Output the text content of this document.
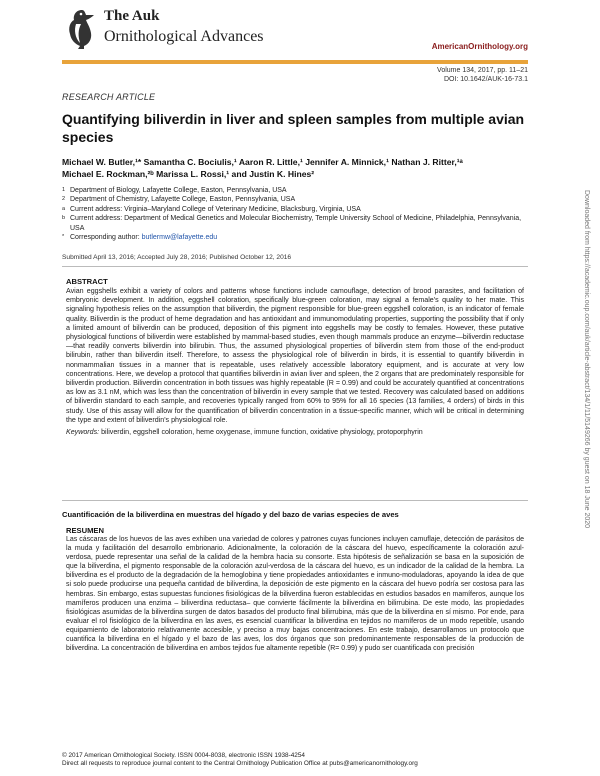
The Auk
Ornithological Advances
AmericanOrnithology.org
Volume 134, 2017, pp. 11–21
DOI: 10.1642/AUK-16-73.1
RESEARCH ARTICLE
Quantifying biliverdin in liver and spleen samples from multiple avian species
Michael W. Butler,¹* Samantha C. Bociulis,¹ Aaron R. Little,¹ Jennifer A. Minnick,¹ Nathan J. Ritter,¹ᵃ
Michael E. Rockman,²ᵇ Marissa L. Rossi,¹ and Justin K. Hines²
1 Department of Biology, Lafayette College, Easton, Pennsylvania, USA
2 Department of Chemistry, Lafayette College, Easton, Pennsylvania, USA
a Current address: Virginia–Maryland College of Veterinary Medicine, Blacksburg, Virginia, USA
b Current address: Department of Medical Genetics and Molecular Biochemistry, Temple University School of Medicine, Philadelphia, Pennsylvania, USA
* Corresponding author:
butlermw@lafayette.edu
Submitted April 13, 2016; Accepted July 28, 2016; Published October 12, 2016
ABSTRACT
Avian eggshells exhibit a variety of colors and patterns whose functions include camouflage, detection of brood parasites, and facilitation of embryonic development. In addition, eggshell coloration, specifically blue-green coloration, may signal a female's quality to her mate. This signaling hypothesis relies on the assumption that biliverdin, the pigment responsible for blue-green eggshell coloration, is an indicator of female quality. Biliverdin is the product of heme degradation and has antioxidant and immunomodulating properties, supporting the possibility that if only a limited amount of biliverdin can be produced, deposition of this pigment into eggshells may be costly to females. However, these putative physiological functions of biliverdin were established by mammal-based studies, even though mammals produce an enzyme—biliverdin reductase—that readily converts biliverdin into bilirubin. Thus, the assumed physiological properties of biliverdin stem from those of the end-product bilirubin, rather than biliverdin itself. Therefore, to assess the physiological role of biliverdin in birds, it is essential to quantify biliverdin in nonmammalian tissues in a manner that is repeatable, uses relatively accessible laboratory equipment, and is accurate at very low concentrations. Here, we develop a protocol that quantifies biliverdin in avian liver and spleen, the 2 organs that are predominately responsible for biliverdin production. Biliverdin concentration in both tissues was highly repeatable (R = 0.99) and could be accurately quantified at concentrations as low as 3.1 nM, which was less than the concentration of biliverdin in every sample that we tested. Recovery was calculated based on additions of biliverdin standard to each sample, and recoveries typically ranged from 60% to 95% for all 16 species (13 families, 4 orders) of birds in this study. Use of this assay will allow for the quantification of biliverdin concentration in a tissue-specific manner, which will be critical in determining the type and extent of biliverdin's physiological role.
Keywords: biliverdin, eggshell coloration, heme oxygenase, immune function, oxidative physiology, protoporphyrin
Cuantificación de la biliverdina en muestras del hígado y del bazo de varias especies de aves
RESUMEN
Las cáscaras de los huevos de las aves exhiben una variedad de colores y patrones cuyas funciones incluyen camuflaje, detección de parásitos de la muda y facilitación del desarrollo embrionario. Adicionalmente, la coloración de la cáscara del huevo, específicamente la coloración azul-verdosa, puede representar una señal de la calidad de la hembra hacia su consorte. Esta hipótesis de señalización se basa en la suposición de que la biliverdina, el pigmento responsable de la coloración azul-verdosa de la cáscara del huevo, es un indicador de la calidad de la hembra. La biliverdina es el producto de la degradación de la hemoglobina y tiene propiedades antioxidantes e inmuno-moduladoras, apoyando la idea de que si solo puede producirse una pequeña cantidad de biliverdina, la deposición de este pigmento en la cáscara del huevo podría ser costosa para las hembras. Sin embargo, estas supuestas funciones fisiológicas de la biliverdina fueron establecidas en estudios basados en mamíferos, aunque los mamíferos producen una enzima – biliverdina reductasa– que convierte fácilmente la biliverdina en bilirrubina. De este modo, las propiedades fisiológicas asumidas de la biliverdina surgen de datos basados del producto final bilirrubina, más que de la biliverdina en sí mismo. Por ende, para evaluar el rol fisiológico de la biliverdina en las aves, es esencial cuantificar la biliverdina en tejidos no mamíferos de un modo repetible, usando equipamiento de laboratorio relativamente accesible, y preciso a muy bajas concentraciones. En este trabajo, desarrollamos un protocolo que cuantifica la biliverdina en el hígado y el bazo de las aves, los dos órganos que son predominantemente responsables de la producción de biliverdina. La concentración de biliverdina en ambos tejidos fue altamente repetible (R= 0.99) y pudo ser cuantificada con precisión
© 2017 American Ornithological Society. ISSN 0004-8038, electronic ISSN 1938-4254
Direct all requests to reproduce journal content to the Central Ornithology Publication Office at pubs@americanornithology.org
Downloaded from https://academic.oup.com/auk/article-abstract/134/1/11/5149266 by guest on 18 June 2020
